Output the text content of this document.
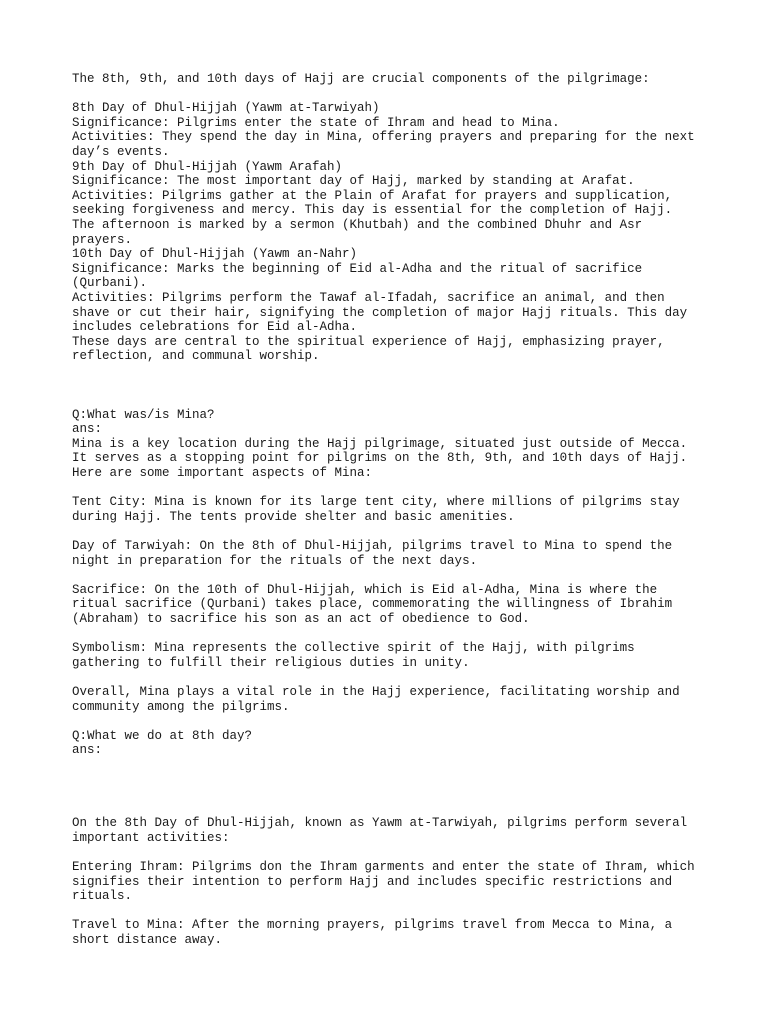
The 8th, 9th, and 10th days of Hajj are crucial components of the pilgrimage:
8th Day of Dhul-Hijjah (Yawm at-Tarwiyah)
Significance: Pilgrims enter the state of Ihram and head to Mina.
Activities: They spend the day in Mina, offering prayers and preparing for the next
day’s events.
9th Day of Dhul-Hijjah (Yawm Arafah)
Significance: The most important day of Hajj, marked by standing at Arafat.
Activities: Pilgrims gather at the Plain of Arafat for prayers and supplication,
seeking forgiveness and mercy. This day is essential for the completion of Hajj.
The afternoon is marked by a sermon (Khutbah) and the combined Dhuhr and Asr
prayers.
10th Day of Dhul-Hijjah (Yawm an-Nahr)
Significance: Marks the beginning of Eid al-Adha and the ritual of sacrifice
(Qurbani).
Activities: Pilgrims perform the Tawaf al-Ifadah, sacrifice an animal, and then
shave or cut their hair, signifying the completion of major Hajj rituals. This day
includes celebrations for Eid al-Adha.
These days are central to the spiritual experience of Hajj, emphasizing prayer,
reflection, and communal worship.
Q:What was/is Mina?
ans:
Mina is a key location during the Hajj pilgrimage, situated just outside of Mecca.
It serves as a stopping point for pilgrims on the 8th, 9th, and 10th days of Hajj.
Here are some important aspects of Mina:
Tent City: Mina is known for its large tent city, where millions of pilgrims stay
during Hajj. The tents provide shelter and basic amenities.
Day of Tarwiyah: On the 8th of Dhul-Hijjah, pilgrims travel to Mina to spend the
night in preparation for the rituals of the next days.
Sacrifice: On the 10th of Dhul-Hijjah, which is Eid al-Adha, Mina is where the
ritual sacrifice (Qurbani) takes place, commemorating the willingness of Ibrahim
(Abraham) to sacrifice his son as an act of obedience to God.
Symbolism: Mina represents the collective spirit of the Hajj, with pilgrims
gathering to fulfill their religious duties in unity.
Overall, Mina plays a vital role in the Hajj experience, facilitating worship and
community among the pilgrims.
Q:What we do at 8th day?
ans:
On the 8th Day of Dhul-Hijjah, known as Yawm at-Tarwiyah, pilgrims perform several
important activities:
Entering Ihram: Pilgrims don the Ihram garments and enter the state of Ihram, which
signifies their intention to perform Hajj and includes specific restrictions and
rituals.
Travel to Mina: After the morning prayers, pilgrims travel from Mecca to Mina, a
short distance away.
